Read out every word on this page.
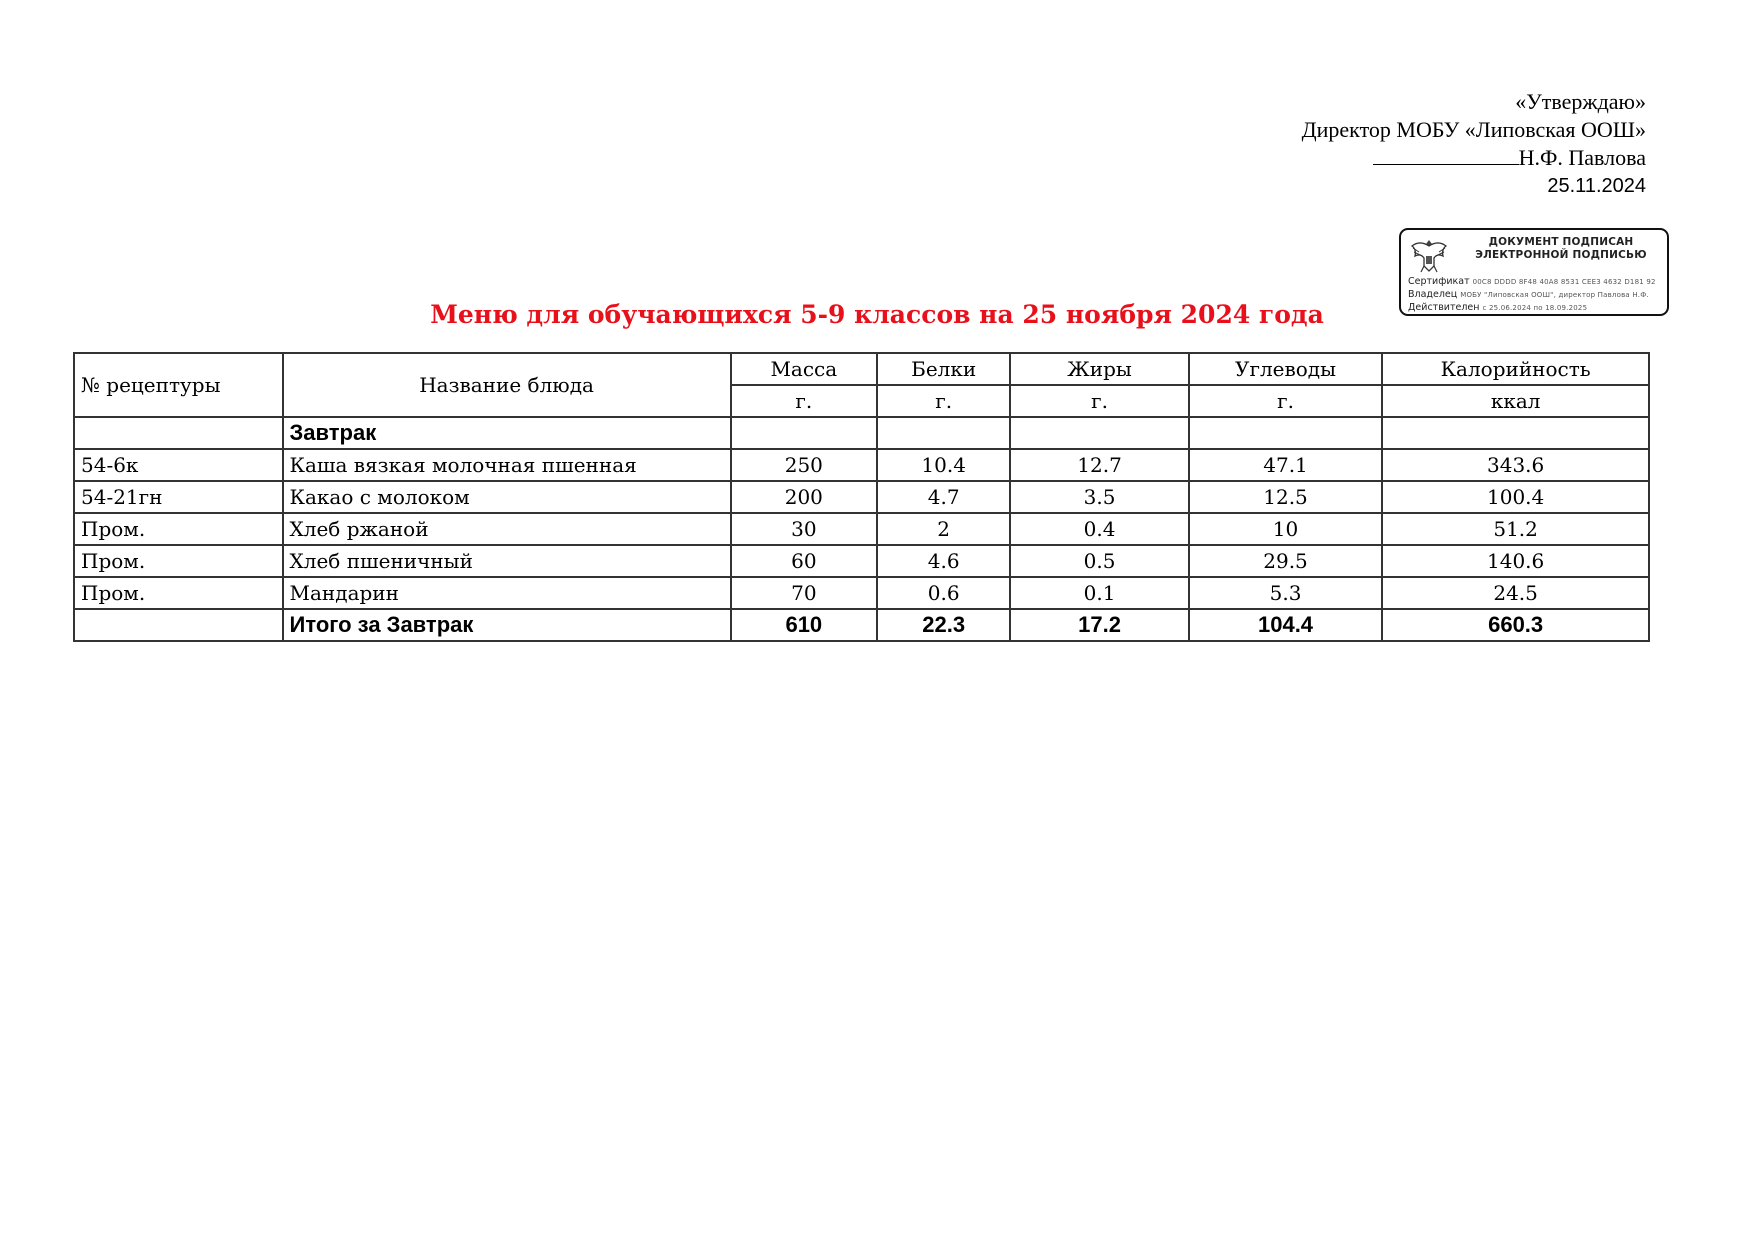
«Утверждаю»
Директор МОБУ «Липовская ООШ»
Н.Ф. Павлова
25.11.2024
ДОКУМЕНТ ПОДПИСАН
ЭЛЕКТРОННОЙ ПОДПИСЬЮ
Сертификат 00C8 DDDD 8F48 40A8 8531 CEE3 4632 D181 92
Владелец МОБУ "Липовская ООШ", директор Павлова Н.Ф.
Действителен с 25.06.2024 по 18.09.2025
Меню для обучающихся 5-9 классов на 25 ноября 2024 года
№ рецептуры	Название блюда	Масса	Белки	Жиры	Углеводы	Калорийность
		г.	г.	г.	г.	ккал
	Завтрак					
54-6к	Каша вязкая молочная пшенная	250	10.4	12.7	47.1	343.6
54-21гн	Какао с молоком	200	4.7	3.5	12.5	100.4
Пром.	Хлеб ржаной	30	2	0.4	10	51.2
Пром.	Хлеб пшеничный	60	4.6	0.5	29.5	140.6
Пром.	Мандарин	70	0.6	0.1	5.3	24.5
	Итого за Завтрак	610	22.3	17.2	104.4	660.3
